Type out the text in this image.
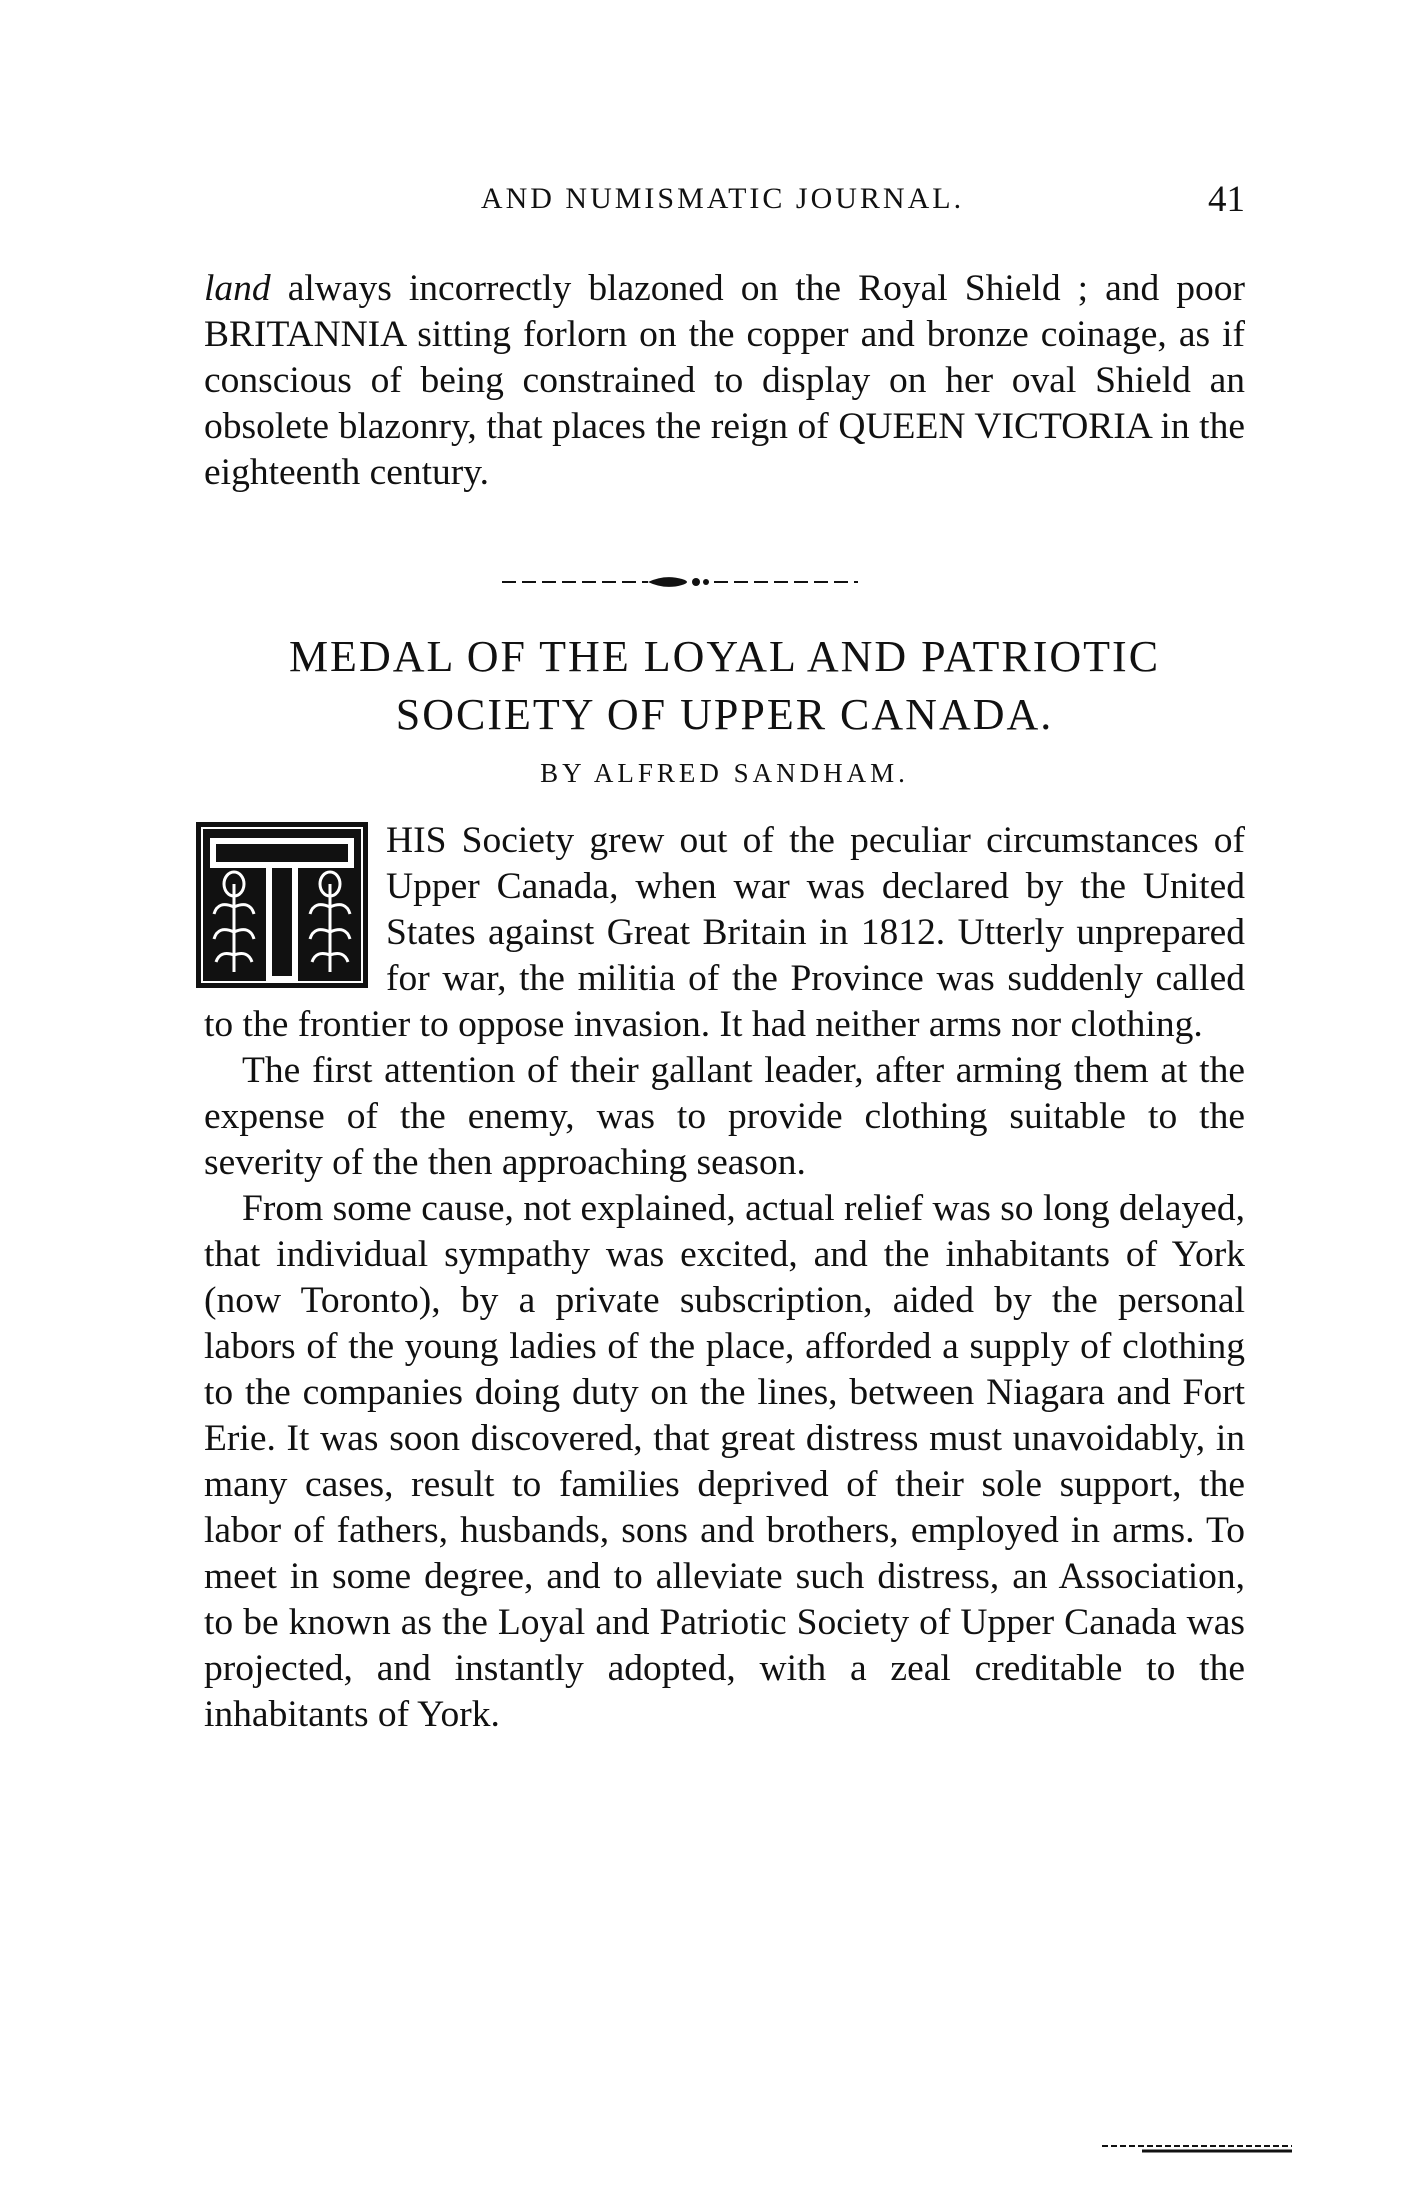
AND NUMISMATIC JOURNAL.	41

land always incorrectly blazoned on the Royal Shield ; and poor BRITANNIA sitting forlorn on the copper and bronze coinage, as if conscious of being constrained to display on her oval Shield an obsolete blazonry, that places the reign of QUEEN VICTORIA in the eighteenth century.

MEDAL OF THE LOYAL AND PATRIOTIC
SOCIETY OF UPPER CANADA.
BY ALFRED SANDHAM.

HIS Society grew out of the peculiar circumstances of Upper Canada, when war was declared by the United States against Great Britain in 1812. Utterly unprepared for war, the militia of the Province was suddenly called to the frontier to oppose invasion. It had neither arms nor clothing.

The first attention of their gallant leader, after arming them at the expense of the enemy, was to provide clothing suitable to the severity of the then approaching season.

From some cause, not explained, actual relief was so long delayed, that individual sympathy was excited, and the inhabitants of York (now Toronto), by a private subscription, aided by the personal labors of the young ladies of the place, afforded a supply of clothing to the companies doing duty on the lines, between Niagara and Fort Erie. It was soon discovered, that great distress must unavoidably, in many cases, result to families deprived of their sole support, the labor of fathers, husbands, sons and brothers, employed in arms. To meet in some degree, and to alleviate such distress, an Association, to be known as the Loyal and Patriotic Society of Upper Canada was projected, and instantly adopted, with a zeal creditable to the inhabitants of York.
